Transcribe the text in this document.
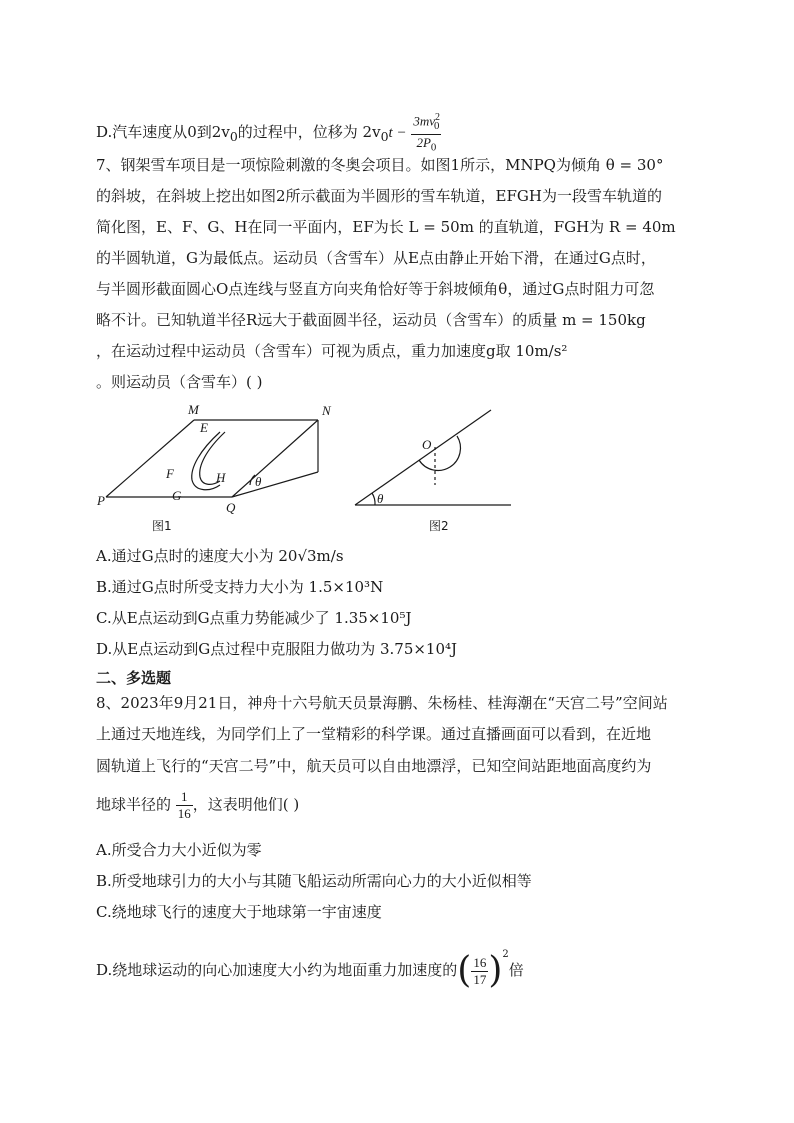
D.汽车速度从0到$2v_0$的过程中，位移为 $2v_0t - \frac{3mv^2_0}{2P_0}$
7、钢架雪车项目是一项惊险刺激的冬奥会项目。如图1所示，MNPQ为倾角 θ = 30°
的斜坡，在斜坡上挖出如图2所示截面为半圆形的雪车轨道，EFGH为一段雪车轨道的
简化图，E、F、G、H在同一平面内，EF为长 L = 50m 的直轨道，FGH为 R = 40m
的半圆轨道，G为最低点。运动员（含雪车）从E点由静止开始下滑，在通过G点时，
与半圆形截面圆心O点连线与竖直方向夹角恰好等于斜坡倾角θ，通过G点时阻力可忽
略不计。已知轨道半径R远大于截面圆半径，运动员（含雪车）的质量 m = 150kg
，在运动过程中运动员（含雪车）可视为质点，重力加速度g取 10m/s²
。则运动员（含雪车）( )
M	N
P	Q
E
F
G
H θ
图1
O
θ
图2
A.通过G点时的速度大小为 20√3m/s
B.通过G点时所受支持力大小为 1.5×10³N
C.从E点运动到G点重力势能减少了 1.35×10⁵J
D.从E点运动到G点过程中克服阻力做功为 3.75×10⁴J
二、多选题
8、2023年9月21日，神舟十六号航天员景海鹏、朱杨桂、桂海潮在“天宫二号”空间站
上通过天地连线，为同学们上了一堂精彩的科学课。通过直播画面可以看到，在近地
圆轨道上飞行的“天宫二号”中，航天员可以自由地漂浮，已知空间站距地面高度约为
地球半径的 $\frac{1}{16}$ ，这表明他们( )
A.所受合力大小近似为零
B.所受地球引力的大小与其随飞船运动所需向心力的大小近似相等
C.绕地球飞行的速度大于地球第一宇宙速度
D.绕地球运动的向心加速度大小约为地面重力加速度的( $\frac{16}{17} )^2$倍
